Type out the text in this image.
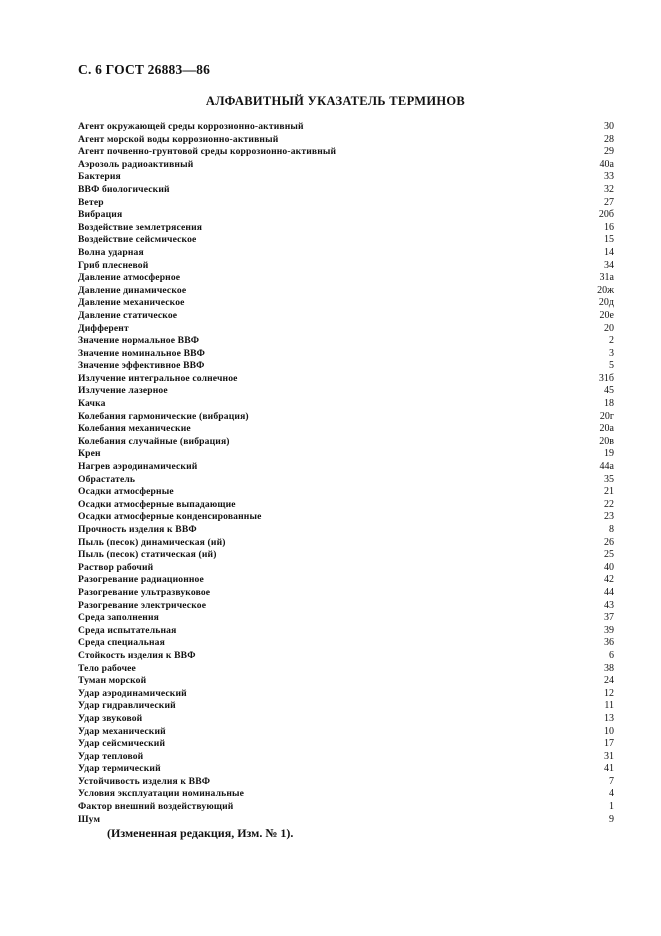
С. 6 ГОСТ 26883—86
АЛФАВИТНЫЙ УКАЗАТЕЛЬ ТЕРМИНОВ
Агент окружающей среды коррозионно-активный	30
Агент морской воды коррозионно-активный	28
Агент почвенно-грунтовой среды коррозионно-активный	29
Аэрозоль радиоактивный	40а
Бактерия	33
ВВФ биологический	32
Ветер	27
Вибрация	20б
Воздействие землетрясения	16
Воздействие сейсмическое	15
Волна ударная	14
Гриб плесневой	34
Давление атмосферное	31а
Давление динамическое	20ж
Давление механическое	20д
Давление статическое	20е
Дифферент	20
Значение нормальное ВВФ	2
Значение номинальное ВВФ	3
Значение эффективное ВВФ	5
Излучение интегральное солнечное	31б
Излучение лазерное	45
Качка	18
Колебания гармонические (вибрация)	20г
Колебания механические	20а
Колебания случайные (вибрация)	20в
Крен	19
Нагрев аэродинамический	44а
Обрастатель	35
Осадки атмосферные	21
Осадки атмосферные выпадающие	22
Осадки атмосферные конденсированные	23
Прочность изделия к ВВФ	8
Пыль (песок) динамическая (ий)	26
Пыль (песок) статическая (ий)	25
Раствор рабочий	40
Разогревание радиационное	42
Разогревание ультразвуковое	44
Разогревание электрическое	43
Среда заполнения	37
Среда испытательная	39
Среда специальная	36
Стойкость изделия к ВВФ	6
Тело рабочее	38
Туман морской	24
Удар аэродинамический	12
Удар гидравлический	11
Удар звуковой	13
Удар механический	10
Удар сейсмический	17
Удар тепловой	31
Удар термический	41
Устойчивость изделия к ВВФ	7
Условия эксплуатации номинальные	4
Фактор внешний воздействующий	1
Шум	9
(Измененная редакция, Изм. № 1).
